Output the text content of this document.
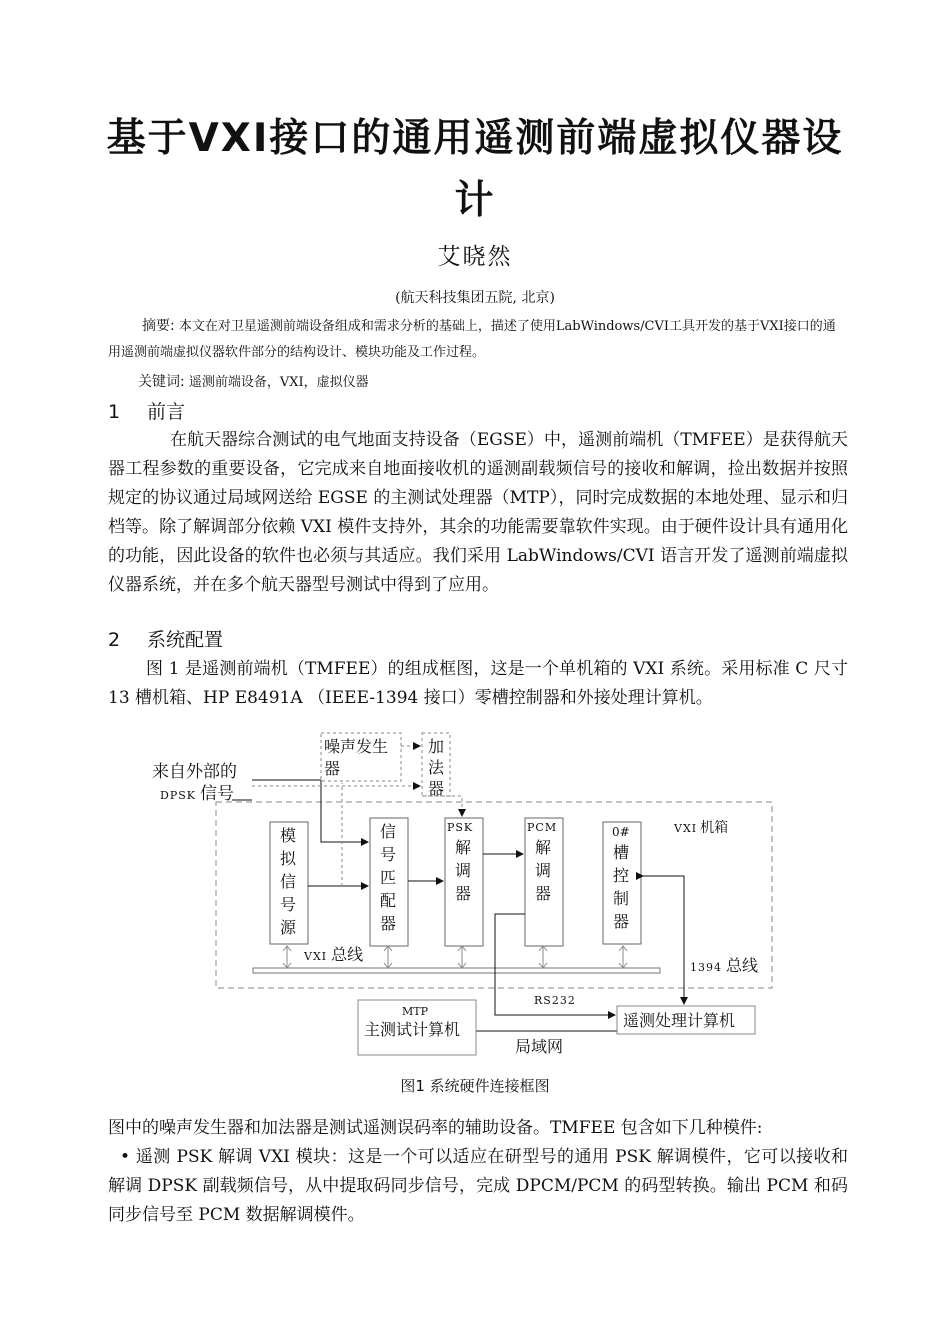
基于VXI接口的通用遥测前端虚拟仪器设计
艾晓然
(航天科技集团五院, 北京)
摘要: 本文在对卫星遥测前端设备组成和需求分析的基础上，描述了使用LabWindows/CVI工具开发的基于VXI接口的通用遥测前端虚拟仪器软件部分的结构设计、模块功能及工作过程。
关键词: 遥测前端设备，VXI，虚拟仪器
1 前言
在航天器综合测试的电气地面支持设备（EGSE）中，遥测前端机（TMFEE）是获得航天器工程参数的重要设备，它完成来自地面接收机的遥测副载频信号的接收和解调，捡出数据并按照规定的协议通过局域网送给 EGSE 的主测试处理器（MTP），同时完成数据的本地处理、显示和归档等。除了解调部分依赖 VXI 模件支持外，其余的功能需要靠软件实现。由于硬件设计具有通用化的功能，因此设备的软件也必须与其适应。我们采用 LabWindows/CVI 语言开发了遥测前端虚拟仪器系统，并在多个航天器型号测试中得到了应用。
2 系统配置
图 1 是遥测前端机（TMFEE）的组成框图，这是一个单机箱的 VXI 系统。采用标准 C 尺寸 13 槽机箱、HP E8491A （IEEE-1394 接口）零槽控制器和外接处理计算机。
VXI 机箱
噪声发生
器
加
法
器
来自外部的
DPSK 信号
模
拟
信
号
源
信
号
匹
配
器
PSK
解
调
器
PCM
解
调
器
0#
槽
控
制
器
VXI 总线
1394 总线
RS232
MTP
主测试计算机	遥测处理计算机
局域网
图1 系统硬件连接框图
图中的噪声发生器和加法器是测试遥测误码率的辅助设备。TMFEE 包含如下几种模件:
• 遥测 PSK 解调 VXI 模块：这是一个可以适应在研型号的通用 PSK 解调模件，它可以接收和解调 DPSK 副载频信号，从中提取码同步信号，完成 DPCM/PCM 的码型转换。输出 PCM 和码同步信号至 PCM 数据解调模件。
